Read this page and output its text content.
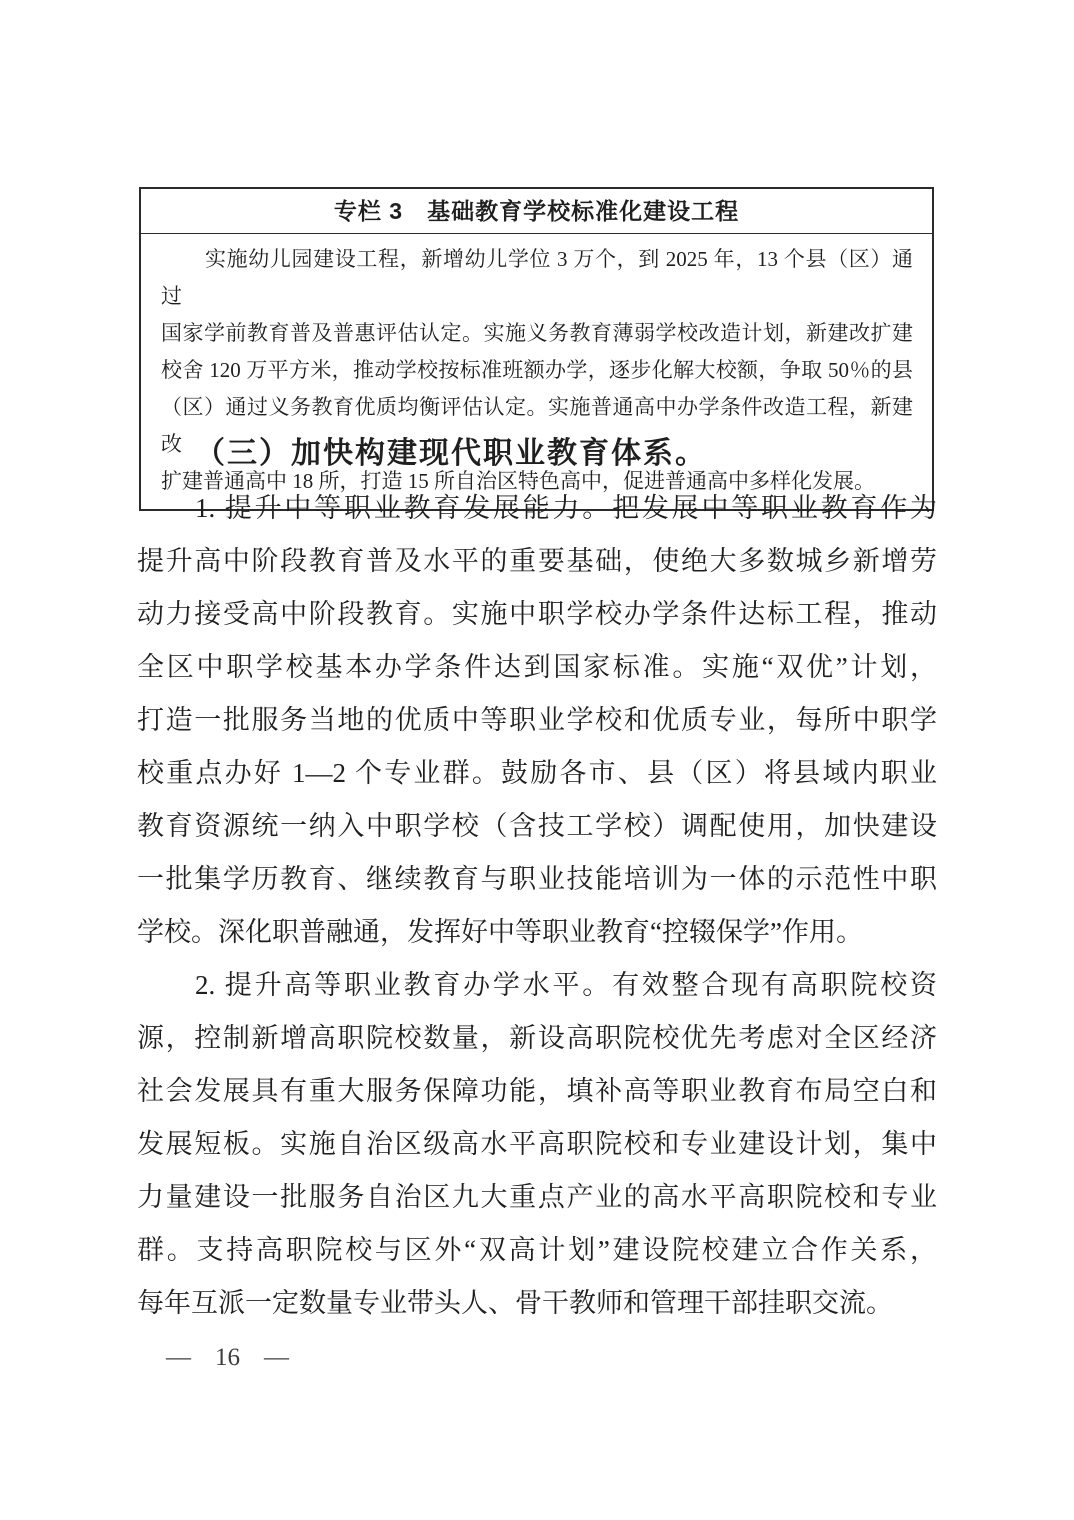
专栏 3　基础教育学校标准化建设工程
实施幼儿园建设工程，新增幼儿学位 3 万个，到 2025 年，13 个县（区）通过
国家学前教育普及普惠评估认定。实施义务教育薄弱学校改造计划，新建改扩建
校舍 120 万平方米，推动学校按标准班额办学，逐步化解大校额，争取 50％的县
（区）通过义务教育优质均衡评估认定。实施普通高中办学条件改造工程，新建改
扩建普通高中 18 所，打造 15 所自治区特色高中，促进普通高中多样化发展。
（三）加快构建现代职业教育体系。
1. 提升中等职业教育发展能力。把发展中等职业教育作为
提升高中阶段教育普及水平的重要基础，使绝大多数城乡新增劳
动力接受高中阶段教育。实施中职学校办学条件达标工程，推动
全区中职学校基本办学条件达到国家标准。实施“双优”计划，
打造一批服务当地的优质中等职业学校和优质专业，每所中职学
校重点办好 1—2 个专业群。鼓励各市、县（区）将县域内职业
教育资源统一纳入中职学校（含技工学校）调配使用，加快建设
一批集学历教育、继续教育与职业技能培训为一体的示范性中职
学校。深化职普融通，发挥好中等职业教育“控辍保学”作用。
2. 提升高等职业教育办学水平。有效整合现有高职院校资
源，控制新增高职院校数量，新设高职院校优先考虑对全区经济
社会发展具有重大服务保障功能，填补高等职业教育布局空白和
发展短板。实施自治区级高水平高职院校和专业建设计划，集中
力量建设一批服务自治区九大重点产业的高水平高职院校和专业
群。支持高职院校与区外“双高计划”建设院校建立合作关系，
每年互派一定数量专业带头人、骨干教师和管理干部挂职交流。
— 16 —
